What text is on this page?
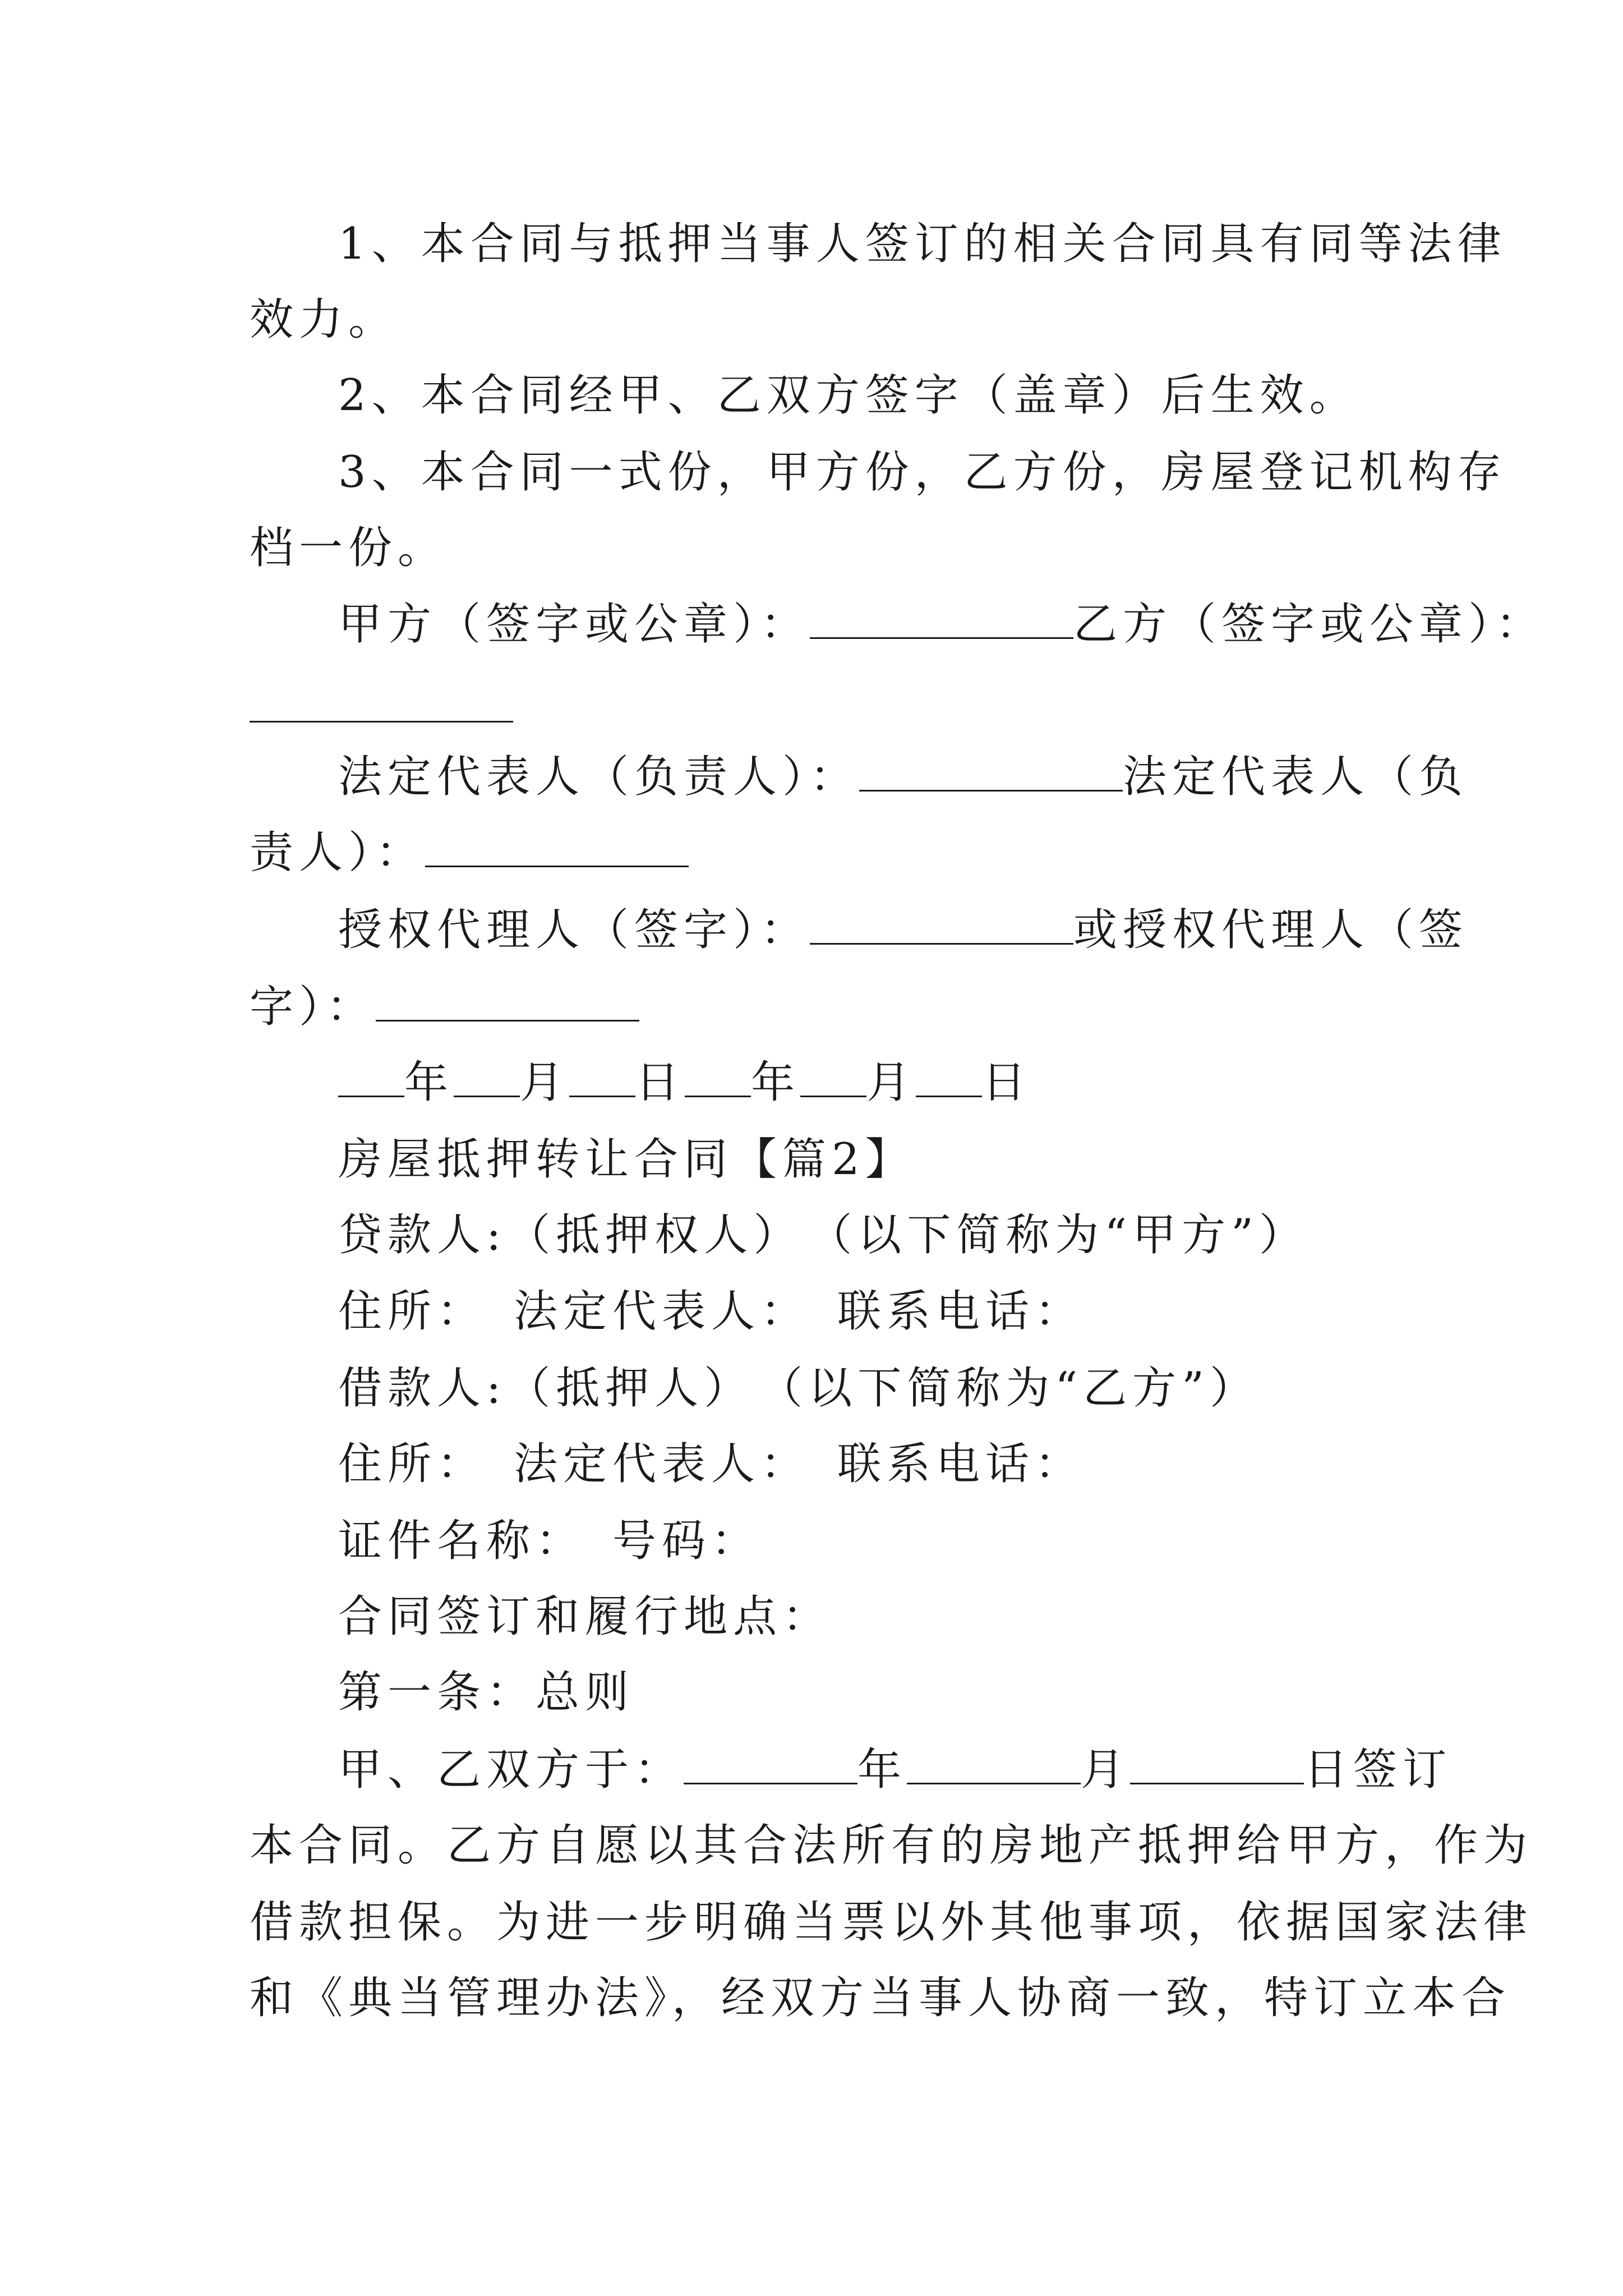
1、本合同与抵押当事人签订的相关合同具有同等法律
效力。
2、本合同经甲、乙双方签字（盖章）后生效。
3、本合同一式份，甲方份，乙方份，房屋登记机构存
档一份。
甲方（签字或公章）：	乙方（签字或公章）：
法定代表人（负责人）：	法定代表人（负
责人）：
授权代理人（签字）：	或授权代理人（签
字）：
年 月 日 年 月 日
房屋抵押转让合同【篇2】
贷款人:（抵押权人）　（以下简称为“甲方”）
住所：　法定代表人：　联系电话：
借款人:（抵押人）　（以下简称为“乙方”）
住所：　法定代表人：　联系电话：
证件名称：　号码：
合同签订和履行地点：
第一条：总则
甲、乙双方于：	年	月	日签订
本合同。乙方自愿以其合法所有的房地产抵押给甲方，作为
借款担保。为进一步明确当票以外其他事项，依据国家法律
和《典当管理办法》，经双方当事人协商一致，特订立本合
